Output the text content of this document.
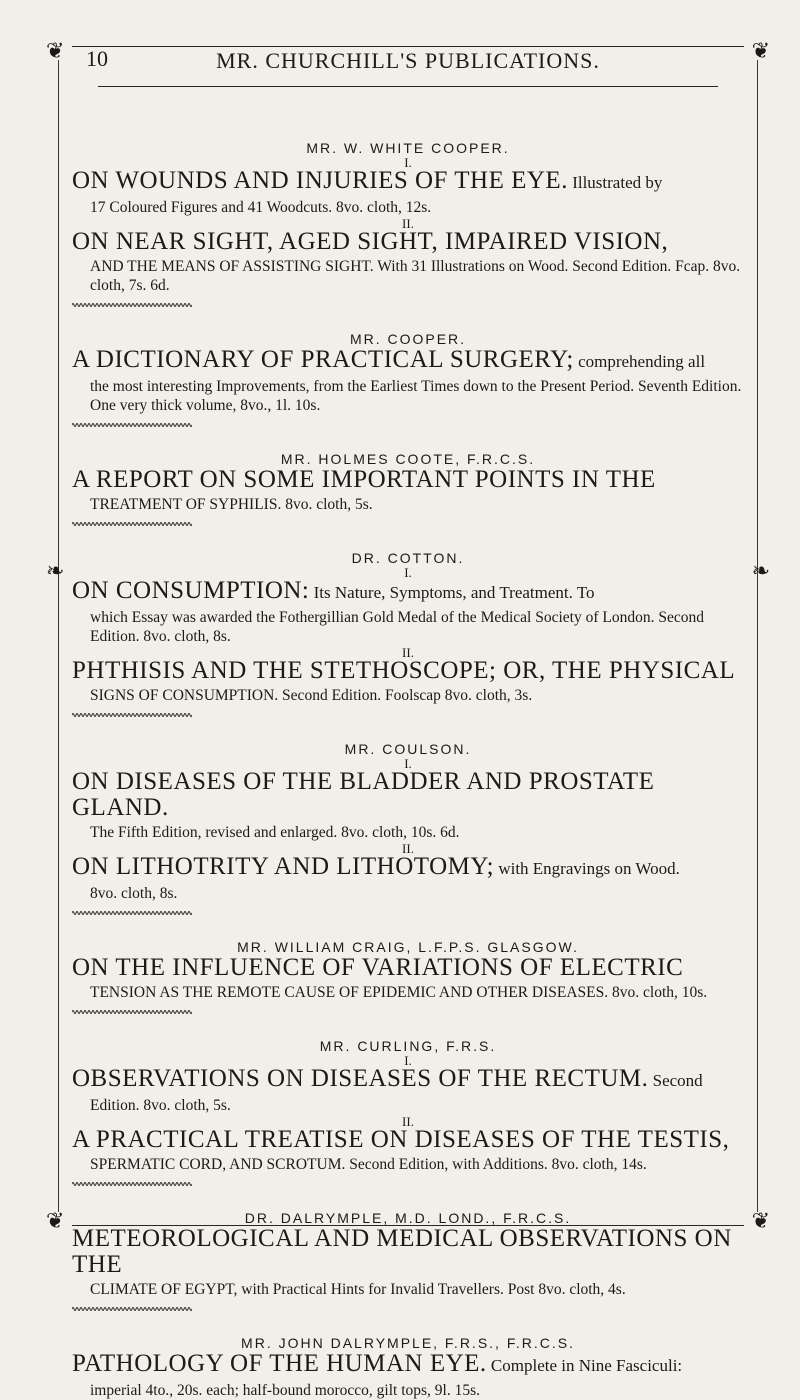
❦	❦
❦	❦
❧	❧
10	MR. CHURCHILL'S PUBLICATIONS.
MR. W. WHITE COOPER.
I.
ON WOUNDS AND INJURIES OF THE EYE. Illustrated by
17 Coloured Figures and 41 Woodcuts. 8vo. cloth, 12s.
II.
ON NEAR SIGHT, AGED SIGHT, IMPAIRED VISION,
AND THE MEANS OF ASSISTING SIGHT. With 31 Illustrations on Wood. Second Edition. Fcap. 8vo. cloth, 7s. 6d.
MR. COOPER.
A DICTIONARY OF PRACTICAL SURGERY; comprehending all
the most interesting Improvements, from the Earliest Times down to the Present Period. Seventh Edition. One very thick volume, 8vo., 1l. 10s.
MR. HOLMES COOTE, F.R.C.S.
A REPORT ON SOME IMPORTANT POINTS IN THE
TREATMENT OF SYPHILIS. 8vo. cloth, 5s.
DR. COTTON.
I.
ON CONSUMPTION: Its Nature, Symptoms, and Treatment. To
which Essay was awarded the Fothergillian Gold Medal of the Medical Society of London. Second Edition. 8vo. cloth, 8s.
II.
PHTHISIS AND THE STETHOSCOPE; OR, THE PHYSICAL
SIGNS OF CONSUMPTION. Second Edition. Foolscap 8vo. cloth, 3s.
MR. COULSON.
I.
ON DISEASES OF THE BLADDER AND PROSTATE GLAND.
The Fifth Edition, revised and enlarged. 8vo. cloth, 10s. 6d.
II.
ON LITHOTRITY AND LITHOTOMY; with Engravings on Wood.
8vo. cloth, 8s.
MR. WILLIAM CRAIG, L.F.P.S. GLASGOW.
ON THE INFLUENCE OF VARIATIONS OF ELECTRIC
TENSION AS THE REMOTE CAUSE OF EPIDEMIC AND OTHER DISEASES. 8vo. cloth, 10s.
MR. CURLING, F.R.S.
I.
OBSERVATIONS ON DISEASES OF THE RECTUM. Second
Edition. 8vo. cloth, 5s.
II.
A PRACTICAL TREATISE ON DISEASES OF THE TESTIS,
SPERMATIC CORD, AND SCROTUM. Second Edition, with Additions. 8vo. cloth, 14s.
DR. DALRYMPLE, M.D. LOND., F.R.C.S.
METEOROLOGICAL AND MEDICAL OBSERVATIONS ON THE
CLIMATE OF EGYPT, with Practical Hints for Invalid Travellers. Post 8vo. cloth, 4s.
MR. JOHN DALRYMPLE, F.R.S., F.R.C.S.
PATHOLOGY OF THE HUMAN EYE. Complete in Nine Fasciculi:
imperial 4to., 20s. each; half-bound morocco, gilt tops, 9l. 15s.
